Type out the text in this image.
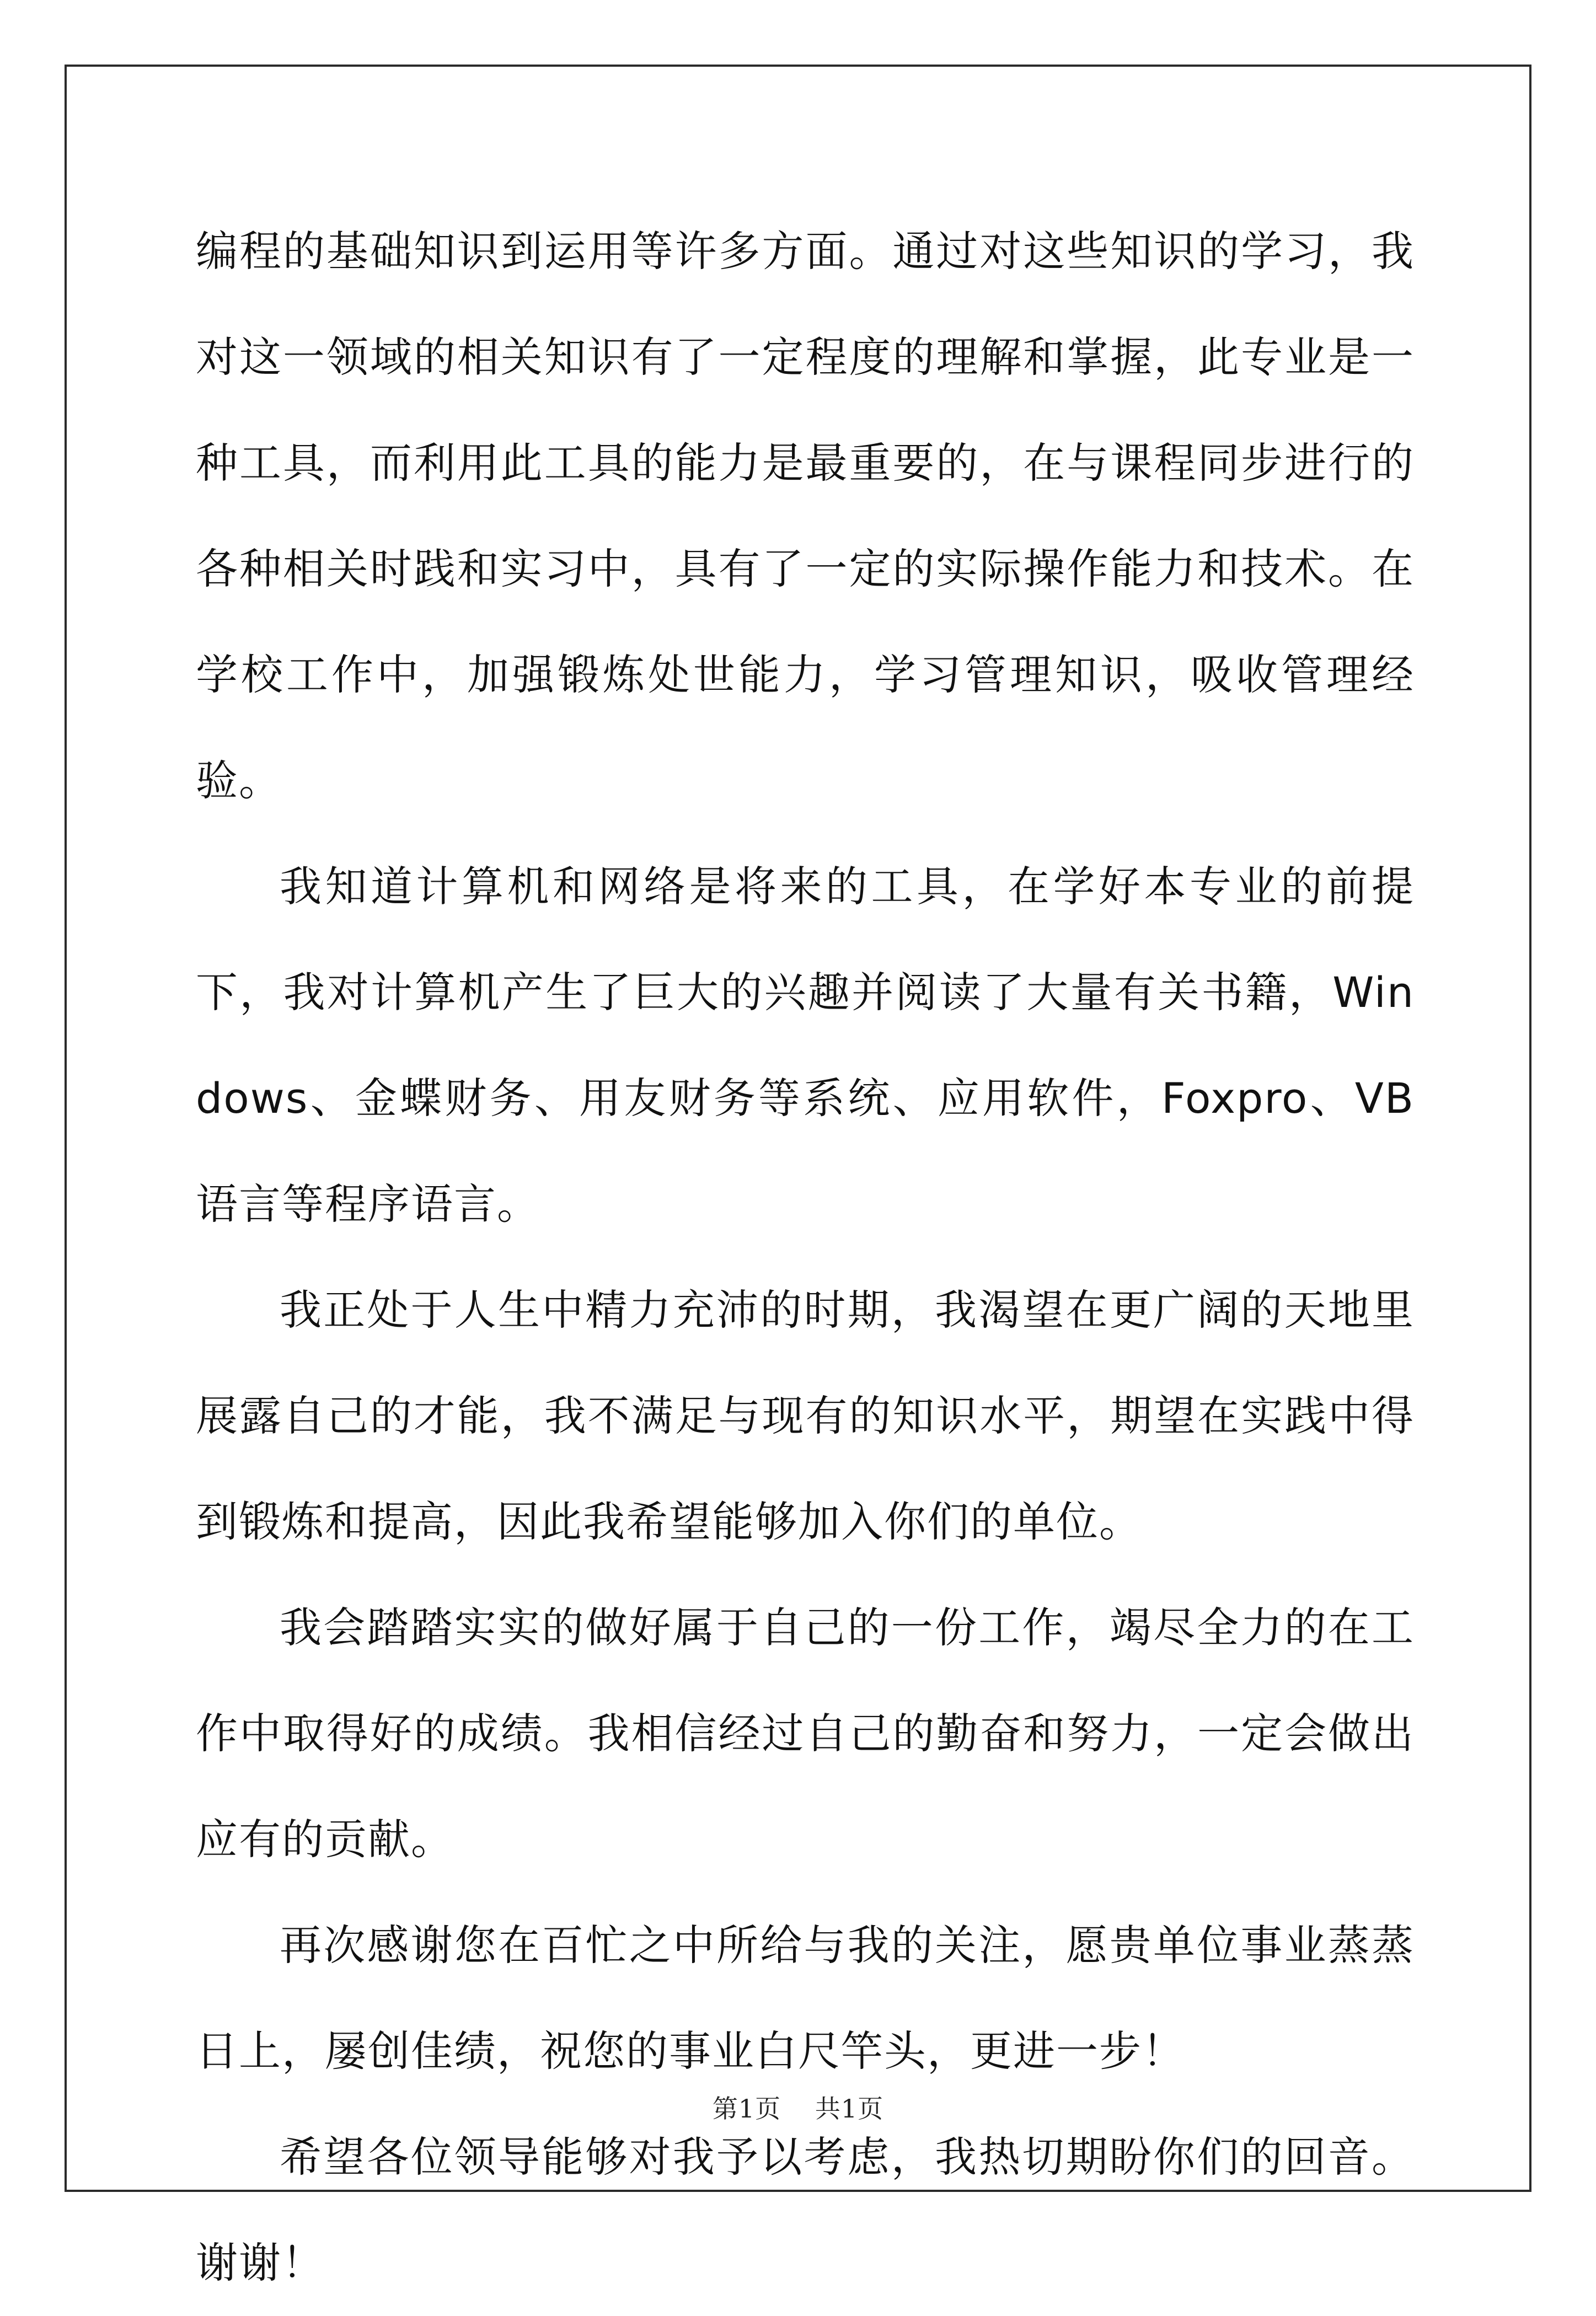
编程的基础知识到运用等许多方面。通过对这些知识的学习，我对这一领域的相关知识有了一定程度的理解和掌握，此专业是一种工具，而利用此工具的能力是最重要的，在与课程同步进行的各种相关时践和实习中，具有了一定的实际操作能力和技术。在学校工作中，加强锻炼处世能力，学习管理知识，吸收管理经验。

我知道计算机和网络是将来的工具，在学好本专业的前提下，我对计算机产生了巨大的兴趣并阅读了大量有关书籍，Windows、金蝶财务、用友财务等系统、应用软件，Foxpro、VB语言等程序语言。

我正处于人生中精力充沛的时期，我渴望在更广阔的天地里展露自己的才能，我不满足与现有的知识水平，期望在实践中得到锻炼和提高，因此我希望能够加入你们的单位。

我会踏踏实实的做好属于自己的一份工作，竭尽全力的在工作中取得好的成绩。我相信经过自己的勤奋和努力，一定会做出应有的贡献。

再次感谢您在百忙之中所给与我的关注，愿贵单位事业蒸蒸日上，屡创佳绩，祝您的事业白尺竿头，更进一步！

希望各位领导能够对我予以考虑，我热切期盼你们的回音。谢谢！

第1页 共1页
